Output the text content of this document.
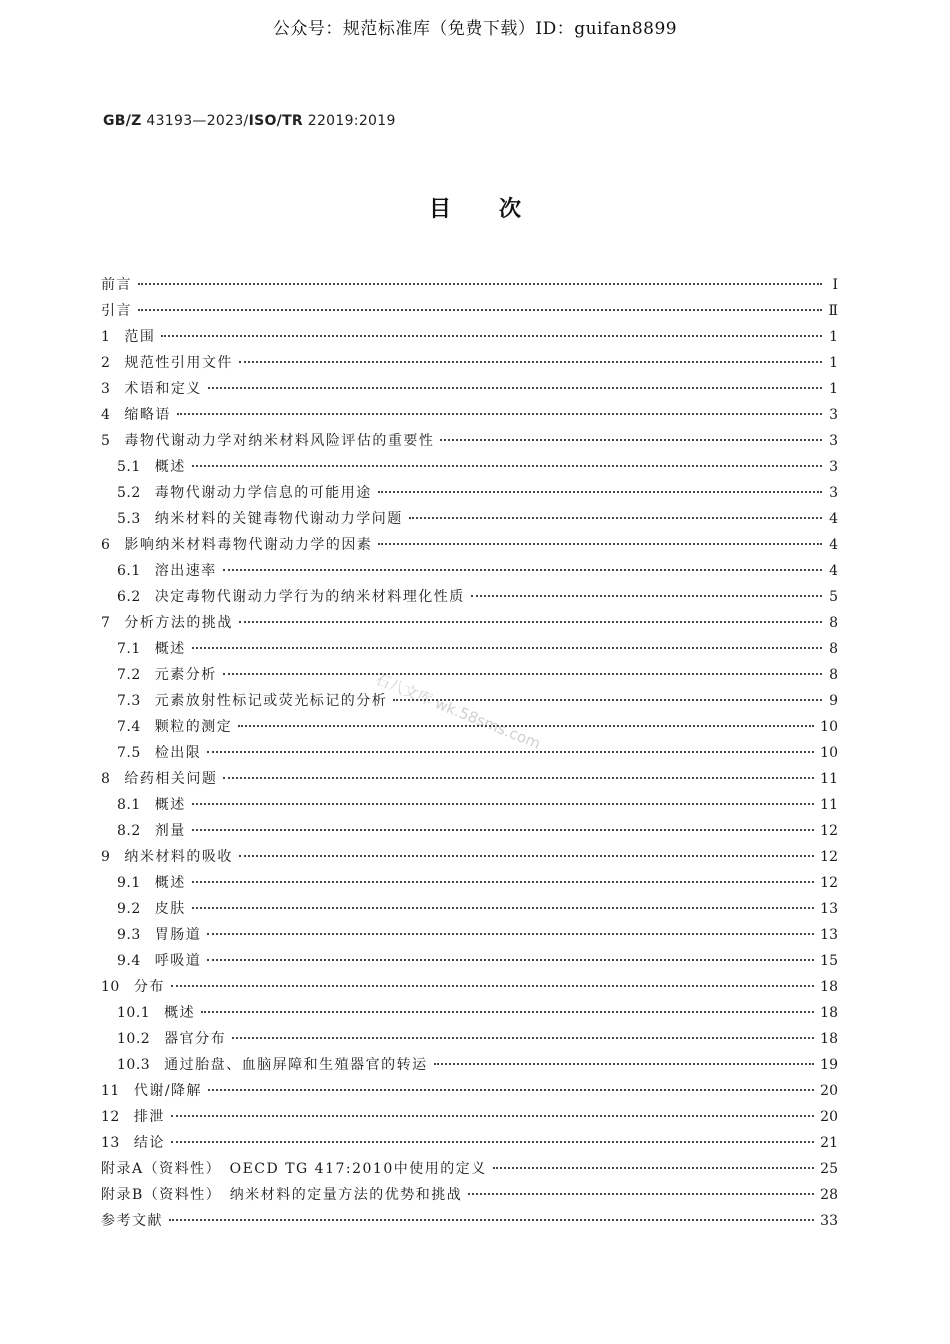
公众号：规范标准库（免费下载）ID：guifan8899
GB/Z 43193—2023/ISO/TR 22019:2019
目次
石八文库 wk.58sms.com
前言	Ⅰ
引言	Ⅱ
1 范围	1
2 规范性引用文件	1
3 术语和定义	1
4 缩略语	3
5 毒物代谢动力学对纳米材料风险评估的重要性	3
5.1 概述	3
5.2 毒物代谢动力学信息的可能用途	3
5.3 纳米材料的关键毒物代谢动力学问题	4
6 影响纳米材料毒物代谢动力学的因素	4
6.1 溶出速率	4
6.2 决定毒物代谢动力学行为的纳米材料理化性质	5
7 分析方法的挑战	8
7.1 概述	8
7.2 元素分析	8
7.3 元素放射性标记或荧光标记的分析	9
7.4 颗粒的测定	10
7.5 检出限	10
8 给药相关问题	11
8.1 概述	11
8.2 剂量	12
9 纳米材料的吸收	12
9.1 概述	12
9.2 皮肤	13
9.3 胃肠道	13
9.4 呼吸道	15
10 分布	18
10.1 概述	18
10.2 器官分布	18
10.3 通过胎盘、血脑屏障和生殖器官的转运	19
11 代谢/降解	20
12 排泄	20
13 结论	21
附录A（资料性）　OECD TG 417:2010中使用的定义	25
附录B（资料性）　纳米材料的定量方法的优势和挑战	28
参考文献	33
